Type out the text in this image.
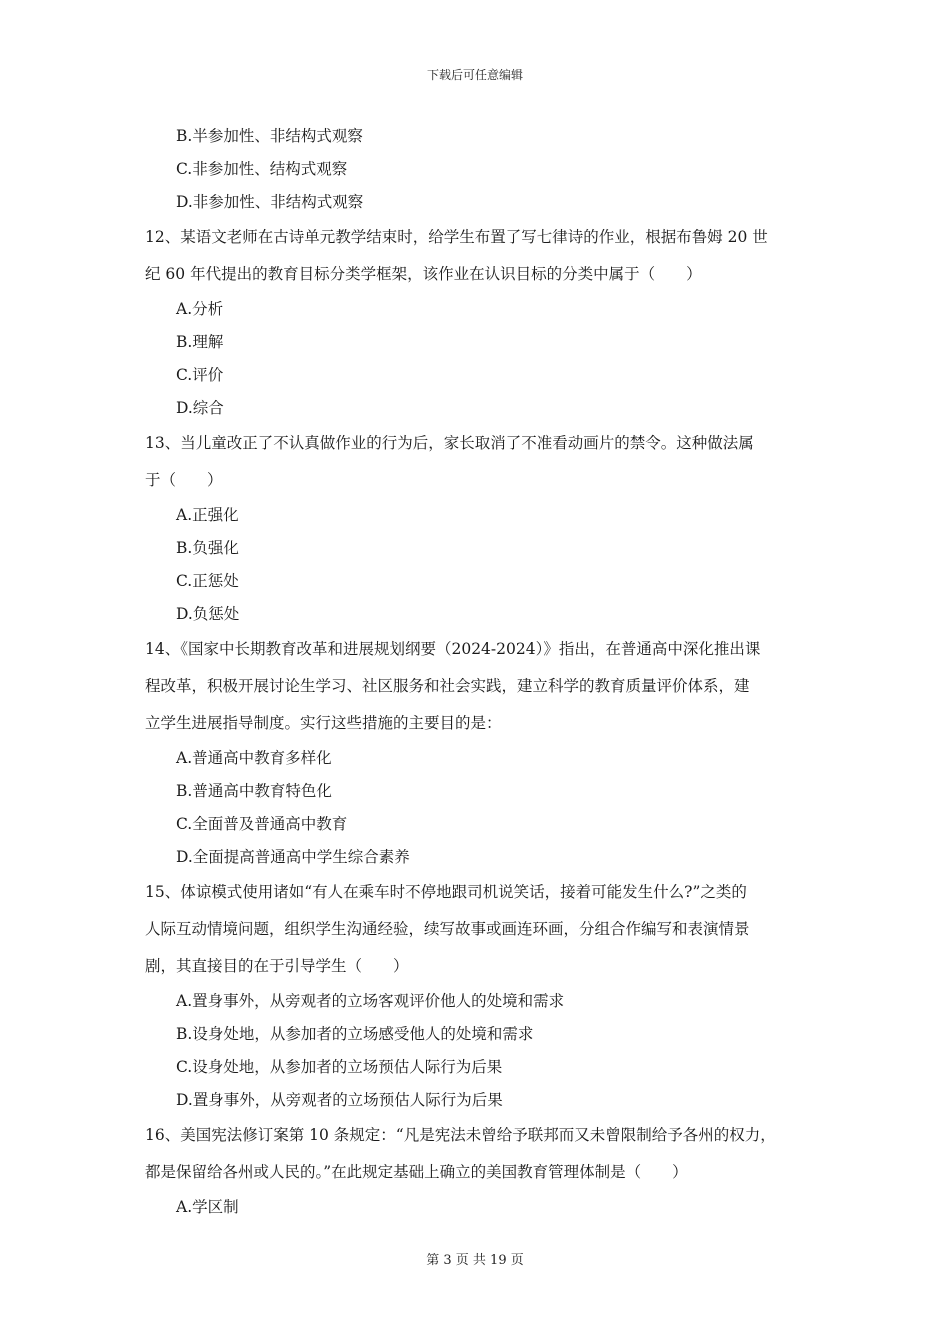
下载后可任意编辑
B.半参加性、非结构式观察
C.非参加性、结构式观察
D.非参加性、非结构式观察
12、某语文老师在古诗单元教学结束时，给学生布置了写七律诗的作业，根据布鲁姆 20 世
纪 60 年代提出的教育目标分类学框架，该作业在认识目标的分类中属于（　　）
A.分析
B.理解
C.评价
D.综合
13、当儿童改正了不认真做作业的行为后，家长取消了不准看动画片的禁令。这种做法属
于（　　）
A.正强化
B.负强化
C.正惩处
D.负惩处
14、《国家中长期教育改革和进展规划纲要（2024-2024）》指出，在普通高中深化推出课
程改革，积极开展讨论生学习、社区服务和社会实践，建立科学的教育质量评价体系，建
立学生进展指导制度。实行这些措施的主要目的是：
A.普通高中教育多样化
B.普通高中教育特色化
C.全面普及普通高中教育
D.全面提高普通高中学生综合素养
15、体谅模式使用诸如“有人在乘车时不停地跟司机说笑话，接着可能发生什么?”之类的
人际互动情境问题，组织学生沟通经验，续写故事或画连环画，分组合作编写和表演情景
剧，其直接目的在于引导学生（　　）
A.置身事外，从旁观者的立场客观评价他人的处境和需求
B.设身处地，从参加者的立场感受他人的处境和需求
C.设身处地，从参加者的立场预估人际行为后果
D.置身事外，从旁观者的立场预估人际行为后果
16、美国宪法修订案第 10 条规定：“凡是宪法未曾给予联邦而又未曾限制给予各州的权力，
都是保留给各州或人民的。”在此规定基础上确立的美国教育管理体制是（　　）
A.学区制
第 3 页 共 19 页
